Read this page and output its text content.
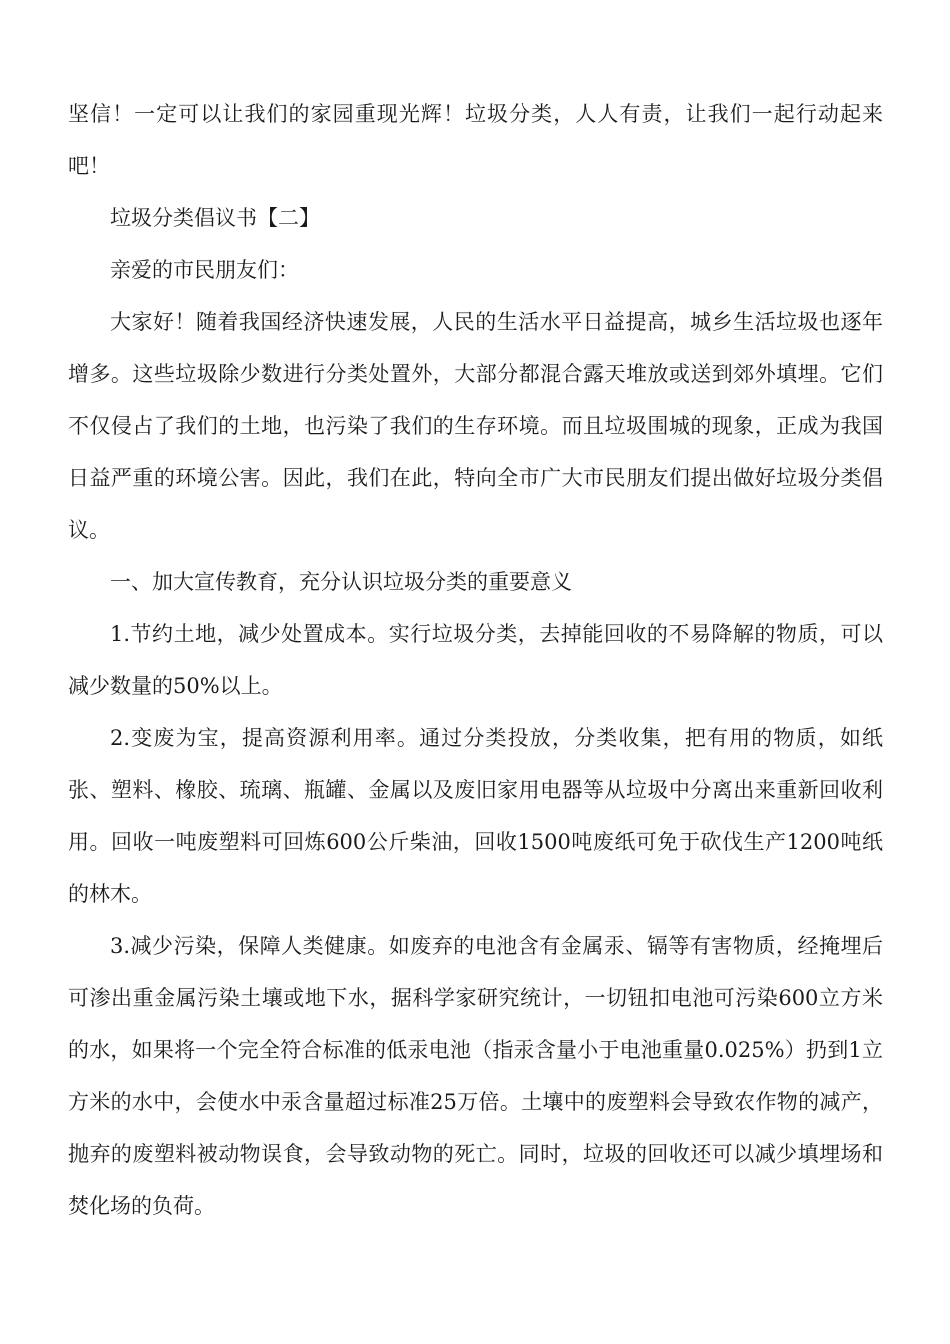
坚信！一定可以让我们的家园重现光辉！垃圾分类，人人有责，让我们一起行动起来吧！

垃圾分类倡议书【二】

亲爱的市民朋友们：

大家好！随着我国经济快速发展，人民的生活水平日益提高，城乡生活垃圾也逐年增多。这些垃圾除少数进行分类处置外，大部分都混合露天堆放或送到郊外填埋。它们不仅侵占了我们的土地，也污染了我们的生存环境。而且垃圾围城的现象，正成为我国日益严重的环境公害。因此，我们在此，特向全市广大市民朋友们提出做好垃圾分类倡议。

一、加大宣传教育，充分认识垃圾分类的重要意义

1.节约土地，减少处置成本。实行垃圾分类，去掉能回收的不易降解的物质，可以减少数量的50%以上。

2.变废为宝，提高资源利用率。通过分类投放，分类收集，把有用的物质，如纸张、塑料、橡胶、琉璃、瓶罐、金属以及废旧家用电器等从垃圾中分离出来重新回收利用。回收一吨废塑料可回炼600公斤柴油，回收1500吨废纸可免于砍伐生产1200吨纸的林木。

3.减少污染，保障人类健康。如废弃的电池含有金属汞、镉等有害物质，经掩埋后可渗出重金属污染土壤或地下水，据科学家研究统计，一切钮扣电池可污染600立方米的水，如果将一个完全符合标准的低汞电池（指汞含量小于电池重量0.025%）扔到1立方米的水中，会使水中汞含量超过标准25万倍。土壤中的废塑料会导致农作物的减产，抛弃的废塑料被动物误食，会导致动物的死亡。同时，垃圾的回收还可以减少填埋场和焚化场的负荷。
